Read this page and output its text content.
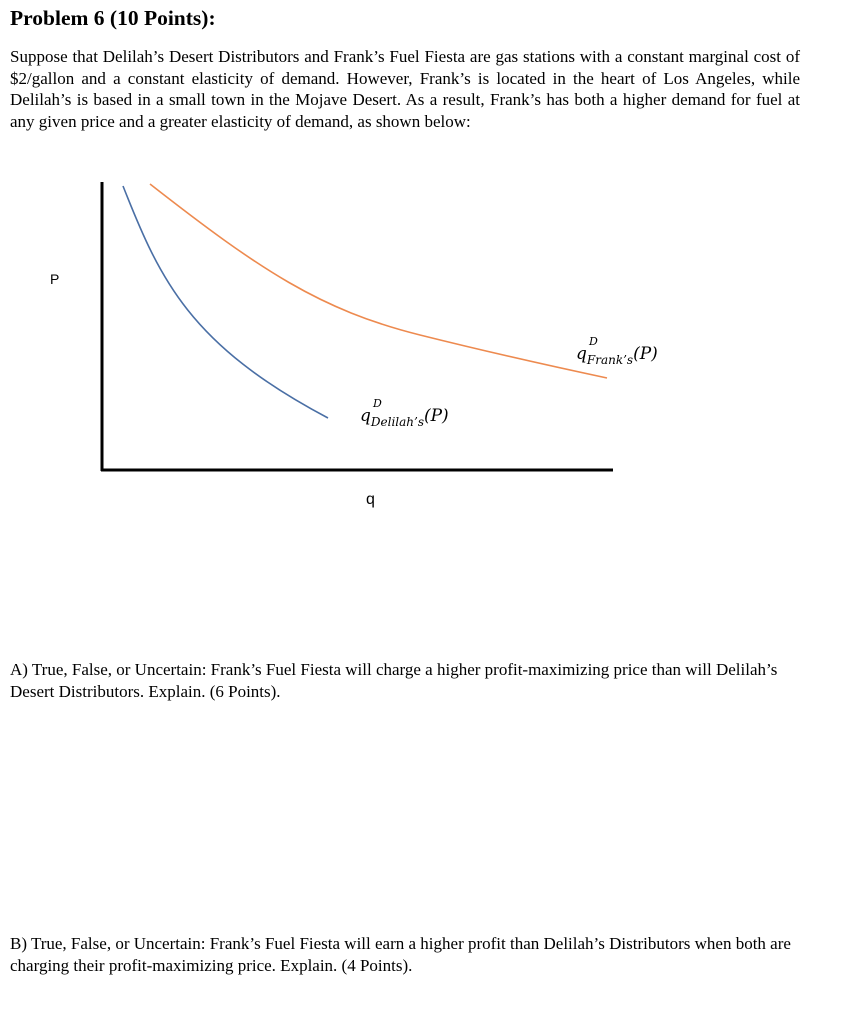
Problem 6 (10 Points):

Suppose that Delilah’s Desert Distributors and Frank’s Fuel Fiesta are gas stations with a constant marginal cost of $2/gallon and a constant elasticity of demand. However, Frank’s is located in the heart of Los Angeles, while Delilah’s is based in a small town in the Mojave Desert. As a result, Frank’s has both a higher demand for fuel at any given price and a greater elasticity of demand, as shown below:

P
q
q
D
$_{Frank’s}$(P)
q
D
$_{Delilah’s}$(P)

A) True, False, or Uncertain: Frank’s Fuel Fiesta will charge a higher profit-maximizing price than will Delilah’s Desert Distributors. Explain. (6 Points).

B) True, False, or Uncertain: Frank’s Fuel Fiesta will earn a higher profit than Delilah’s Distributors when both are charging their profit-maximizing price. Explain. (4 Points).
